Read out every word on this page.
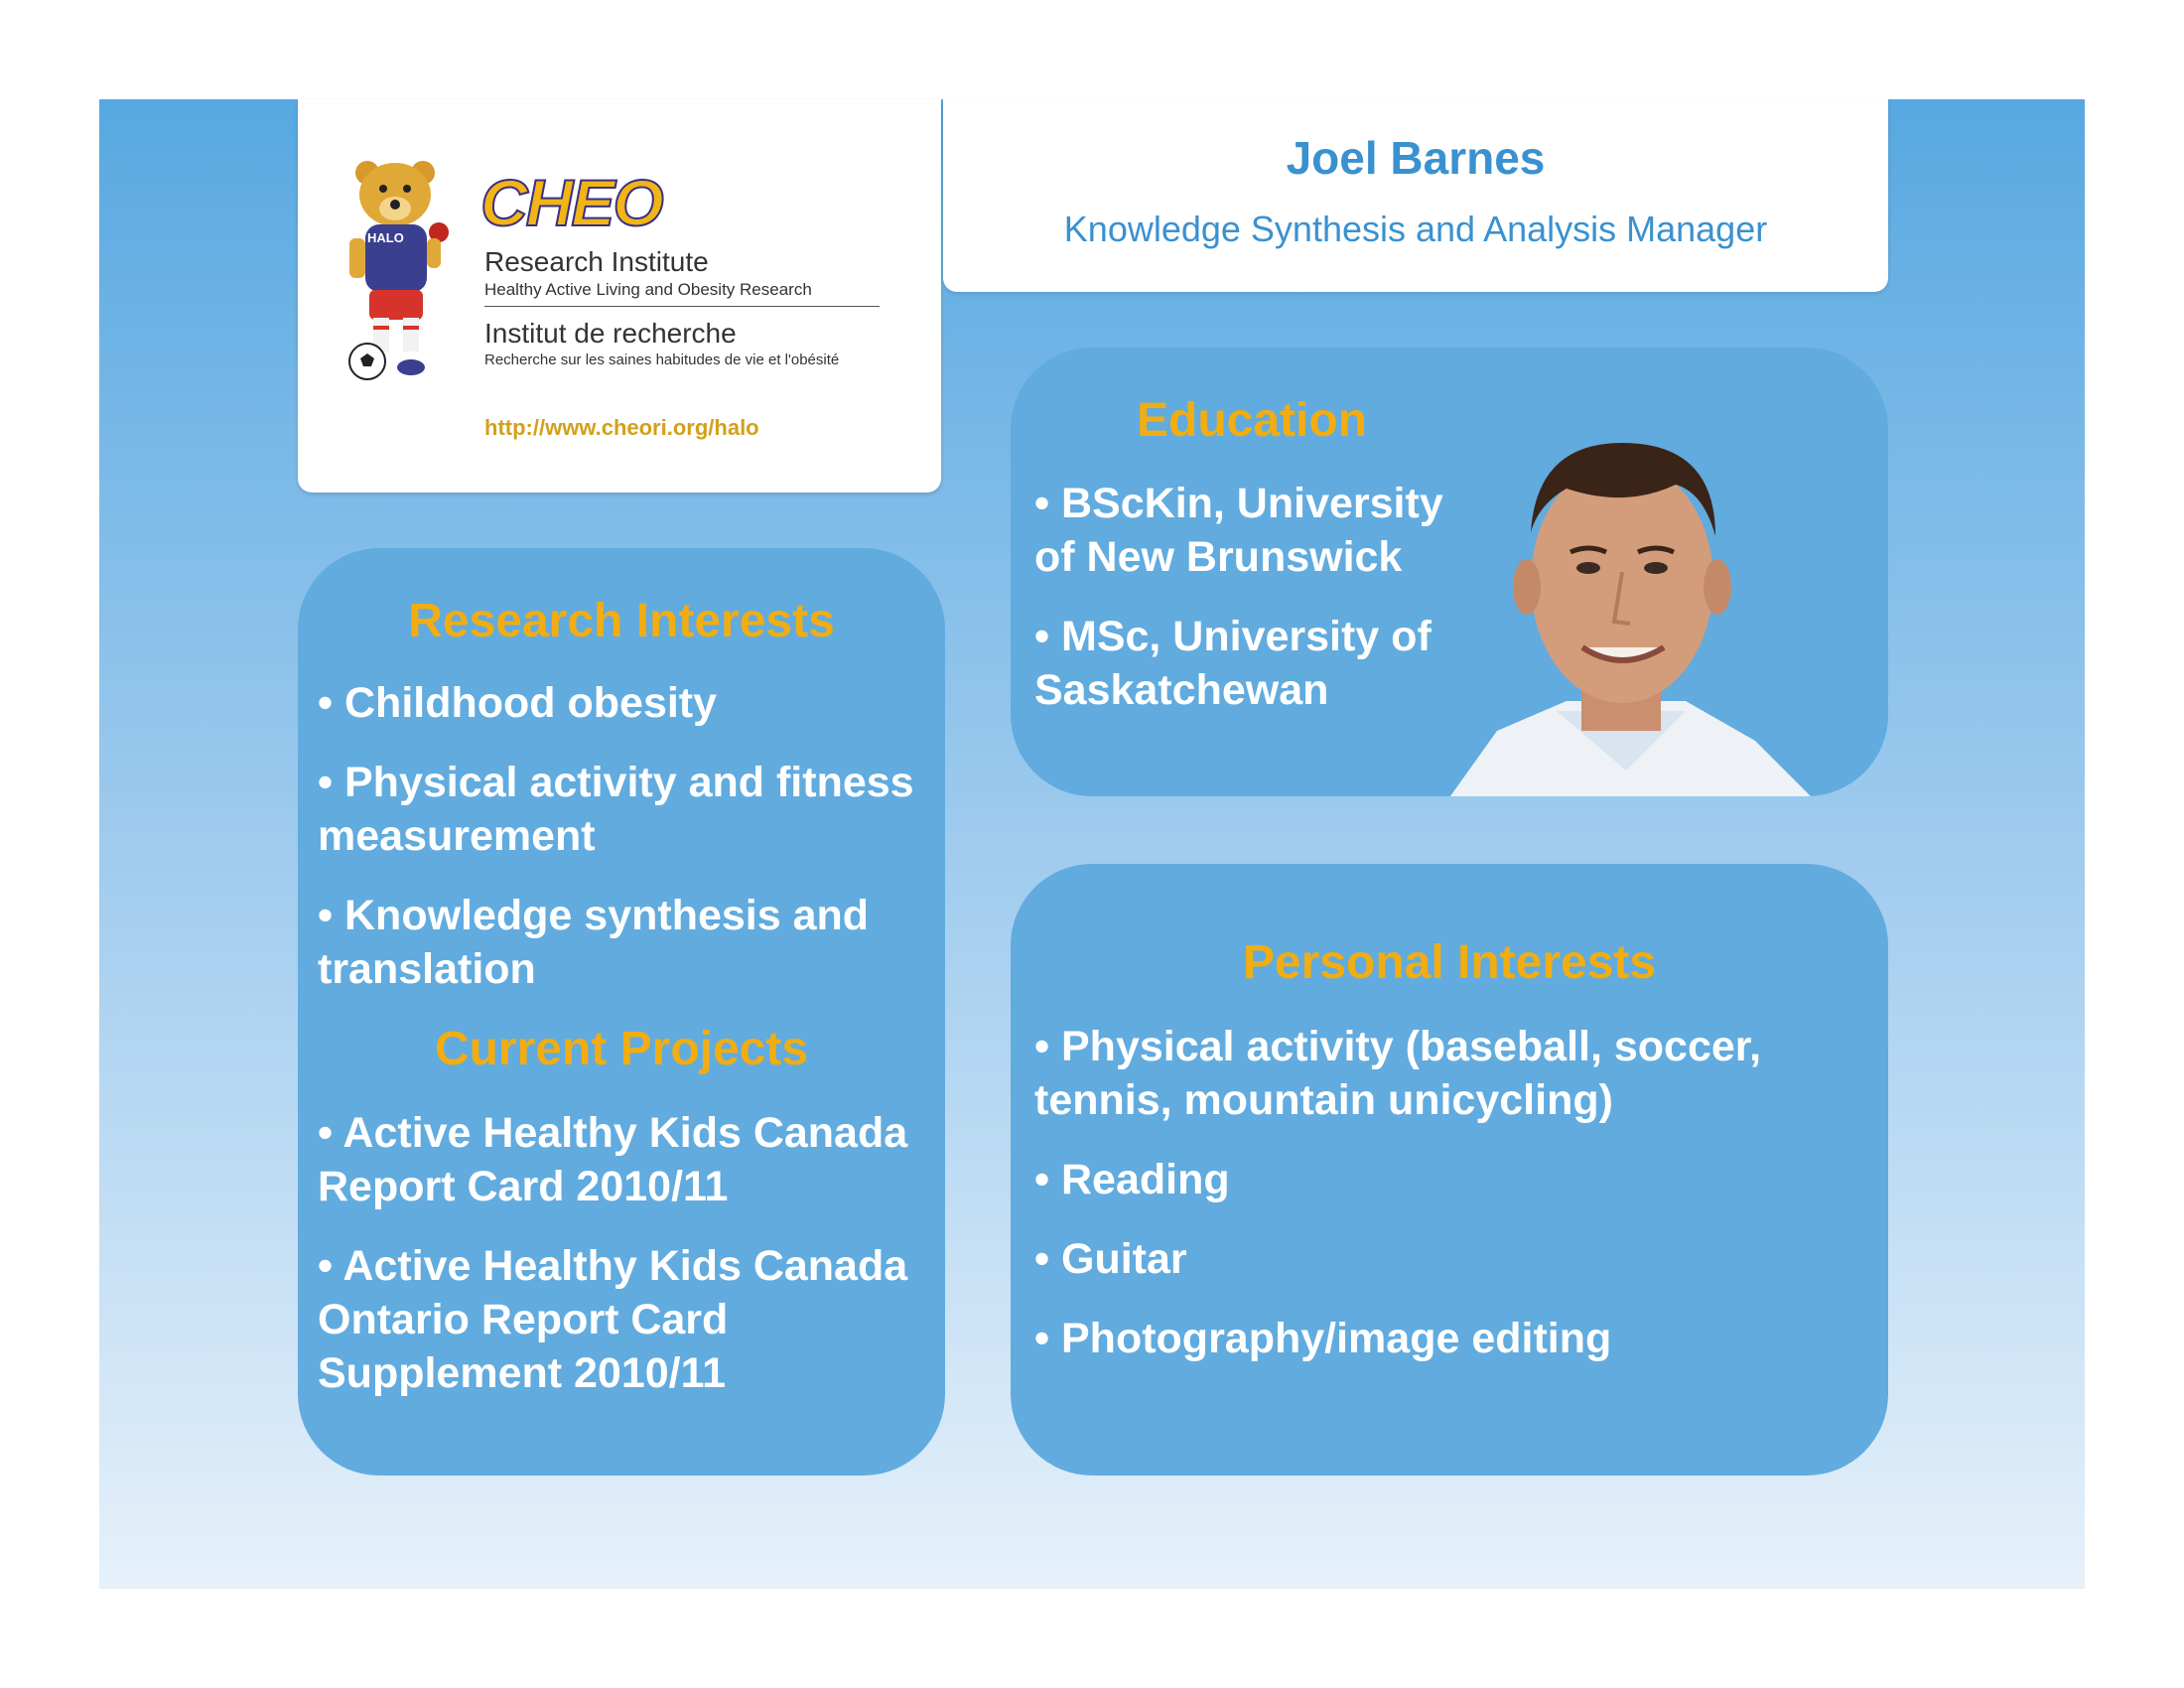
HALO CHEO
Research Institute
Healthy Active Living and Obesity Research
Institut de recherche
Recherche sur les saines habitudes de vie et l'obésité
http://www.cheori.org/halo
Joel Barnes
Knowledge Synthesis and Analysis Manager
Research Interests
• Childhood obesity
• Physical activity and fitness measurement
• Knowledge synthesis and translation
Current Projects
• Active Healthy Kids Canada Report Card 2010/11
• Active Healthy Kids Canada Ontario Report Card Supplement 2010/11
Education
• BScKin, University of New Brunswick
• MSc, University of Saskatchewan
Personal Interests
• Physical activity (baseball, soccer, tennis, mountain unicycling)
• Reading
• Guitar
• Photography/image editing
